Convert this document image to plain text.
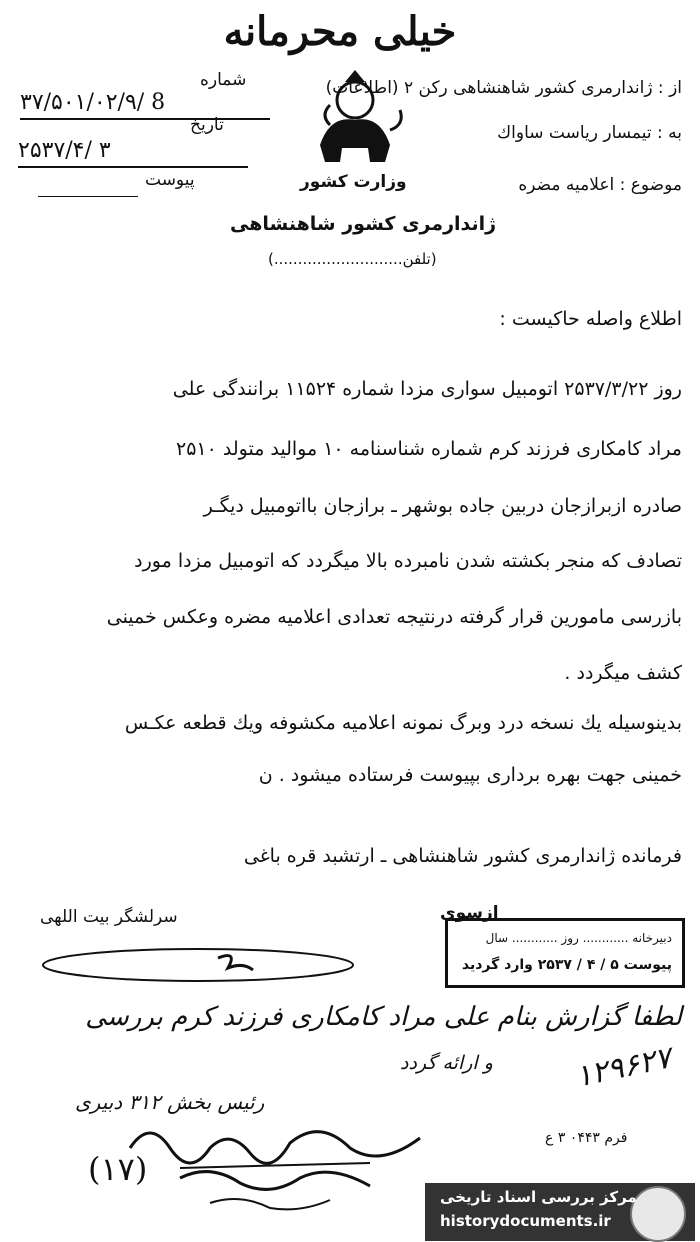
خیلی محرمانه
از : ژاندارمری کشور شاهنشاهی رکن ۲ (اطلاعات)
به : تیمسار ریاست ساواك
موضوع : اعلامیه مضره
شماره
۳۷/۵۰۱/۰۲/۹/ 8
تاریخ
۲۵۳۷/۴/ ۳
پیوست	وزارت کشور
ژاندارمری کشور شاهنشاهی
(تلفن...........................)
اطلاع واصله حاکیست :
روز ۲۵۳۷/۳/۲۲ اتومبیل سواری مزدا شماره ۱۱۵۲۴ برانندگی علی
مراد کامکاری فرزند کرم شماره شناسنامه ۱۰ موالید متولد ۲۵۱۰
صادره ازبرازجان دربین جاده بوشهر ـ برازجان بااتومبیل دیگـر
تصادف که منجر بکشته شدن نامبرده بالا میگردد که اتومبیل مزدا مورد
بازرسی مامورین قرار گرفته درنتیجه تعدادی اعلامیه مضره وعکس خمینی
کشف میگردد .
بدینوسیله یك نسخه درد وبرگ نمونه اعلامیه مکشوفه ویك قطعه عکـس
خمینی جهت بهره برداری بپیوست فرستاده میشود . ن
فرمانده ژاندارمری کشور شاهنشاهی ـ ارتشبد قره باغی
ازسوی
سرلشگر بیت اللهی
دبیرخانه ............ روز ............ سال
پیوست ۵ / ۴ / ۲۵۳۷ وارد گردید
لطفا گزارش بنام علی مراد کامکاری فرزند کرم بررسی
و ارائه گردد
رئیس بخش ۳۱۲ دبیری
۱۲۹۶۲۷
(۱۷)
فرم ۰۴۴۳ ۳ ع
مرکز بررسی اسناد تاریخی
historydocuments.ir
